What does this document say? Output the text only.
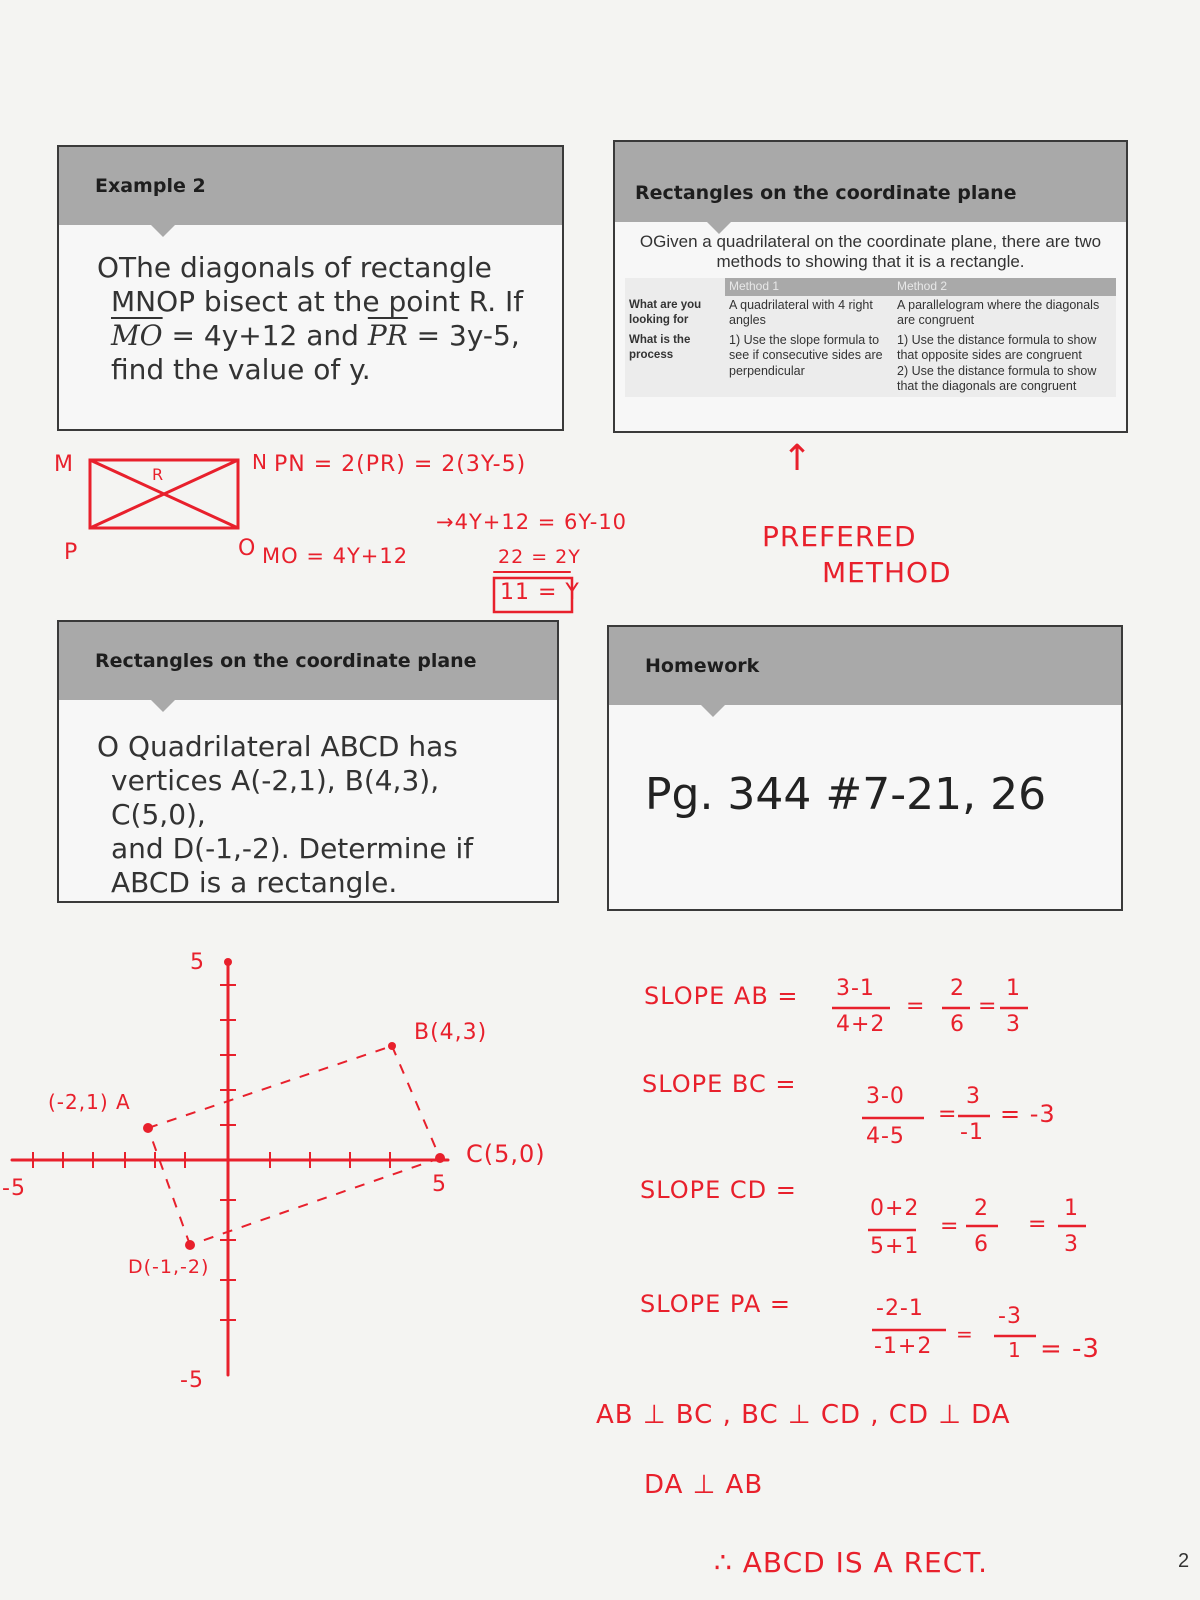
Example 2
OThe diagonals of rectangle
MNOP bisect at the point R. If
$\overline{MO} = 4y+12$ and $\overline{PR} = 3y-5$,
find the value of y.
Rectangles on the coordinate plane

OGiven a quadrilateral on the coordinate plane, there are two methods to showing that it is a rectangle.

	Method 1	Method 2
What are you looking for	A quadrilateral with 4 right angles	A parallelogram where the diagonals are congruent
What is the process	1) Use the slope formula to see if consecutive sides are perpendicular	1) Use the distance formula to show that opposite sides are congruent
2) Use the distance formula to show that the diagonals are congruent
Rectangles on the coordinate plane
O Quadrilateral ABCD has
vertices A(-2,1), B(4,3), C(5,0),
and D(-1,-2). Determine if
ABCD is a rectangle.
Homework
Pg. 344 #7-21, 26
M	N
O
P
R	PN = 2(PR) = 2(3Y-5)
MO = 4Y+12
→4Y+12 = 6Y-10
22 = 2Y
11 = Y
↑
PREFERED
METHOD
5
-5
-5	5
(-2,1) A
B(4,3)
C(5,0)
D(-1,-2)
SLOPE AB = 3-1
4+2
=
2
6
=
1
3
SLOPE BC =	3-0
4-5
=
3
-1
= -3
SLOPE CD =
0+2
5+1
=
2
6
=
1
3
SLOPE PA =	-2-1
-1+2 =
-3
1 = -3
AB ⊥ BC , BC ⊥ CD , CD ⊥ DA
DA ⊥ AB
∴ ABCD IS A RECT.	2
